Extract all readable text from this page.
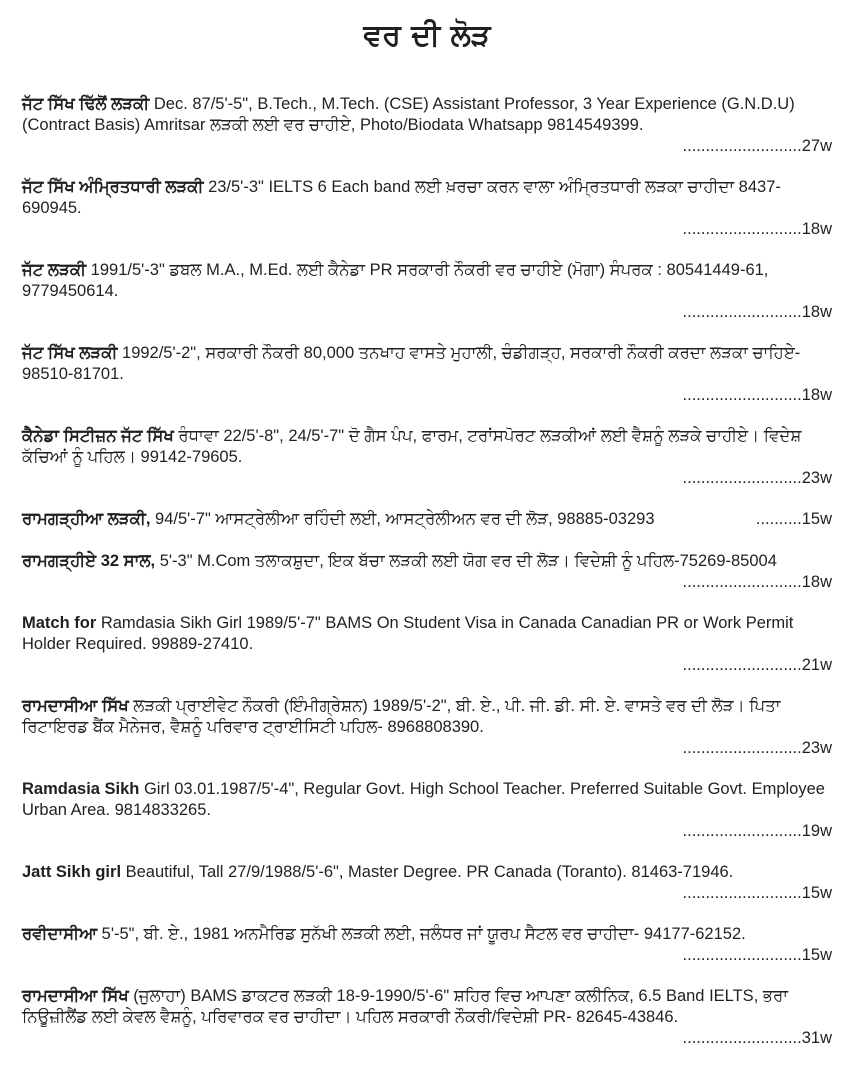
ਵਰ ਦੀ ਲੋੜ
ਜੱਟ ਸਿੱਖ ਢਿੱਲੋਂ ਲੜਕੀ Dec. 87/5'-5", B.Tech., M.Tech. (CSE) Assistant Professor, 3 Year Experience (G.N.D.U) (Contract Basis) Amritsar ਲੜਕੀ ਲਈ ਵਰ ਚਾਹੀਏ, Photo/Biodata Whatsapp 9814549399.
..........................27w
ਜੱਟ ਸਿੱਖ ਅੰਮ੍ਰਿਤਧਾਰੀ ਲੜਕੀ 23/5'-3" IELTS 6 Each band ਲਈ ਖ਼ਰਚਾ ਕਰਨ ਵਾਲਾ ਅੰਮ੍ਰਿਤਧਾਰੀ ਲੜਕਾ ਚਾਹੀਦਾ 8437-690945.
..........................18w
ਜੱਟ ਲੜਕੀ 1991/5'-3" ਡਬਲ M.A., M.Ed. ਲਈ ਕੈਨੇਡਾ PR ਸਰਕਾਰੀ ਨੌਕਰੀ ਵਰ ਚਾਹੀਏ (ਮੋਗਾ) ਸੰਪਰਕ : 80541449-61, 9779450614.
..........................18w
ਜੱਟ ਸਿੱਖ ਲੜਕੀ 1992/5'-2", ਸਰਕਾਰੀ ਨੌਕਰੀ 80,000 ਤਨਖਾਹ ਵਾਸਤੇ ਮੁਹਾਲੀ, ਚੰਡੀਗੜ੍ਹ, ਸਰਕਾਰੀ ਨੌਕਰੀ ਕਰਦਾ ਲੜਕਾ ਚਾਹਿਏ- 98510-81701.
..........................18w
ਕੈਨੇਡਾ ਸਿਟੀਜ਼ਨ ਜੱਟ ਸਿੱਖ ਰੰਧਾਵਾ 22/5'-8", 24/5'-7" ਦੋ ਗੈਸ ਪੰਪ, ਫਾਰਮ, ਟਰਾਂਸਪੋਰਟ ਲੜਕੀਆਂ ਲਈ ਵੈਸ਼ਨੂੰ ਲੜਕੇ ਚਾਹੀਏ। ਵਿਦੇਸ਼ ਕੱਚਿਆਂ ਨੂੰ ਪਹਿਲ। 99142-79605.
..........................23w
ਰਾਮਗੜ੍ਹੀਆ ਲੜਕੀ, 94/5'-7" ਆਸਟ੍ਰੇਲੀਆ ਰਹਿੰਦੀ ਲਈ, ਆਸਟ੍ਰੇਲੀਅਨ ਵਰ ਦੀ ਲੋੜ, 98885-03293	..........15w
ਰਾਮਗੜ੍ਹੀਏ 32 ਸਾਲ, 5'-3" M.Com ਤਲਾਕਸ਼ੁਦਾ, ਇਕ ਬੱਚਾ ਲੜਕੀ ਲਈ ਯੋਗ ਵਰ ਦੀ ਲੋੜ। ਵਿਦੇਸ਼ੀ ਨੂੰ ਪਹਿਲ-75269-85004
..........................18w
Match for Ramdasia Sikh Girl 1989/5'-7" BAMS On Student Visa in Canada Canadian PR or Work Permit Holder Required. 99889-27410.
..........................21w
ਰਾਮਦਾਸੀਆ ਸਿੱਖ ਲੜਕੀ ਪ੍ਰਾਈਵੇਟ ਨੌਕਰੀ (ਇੰਮੀਗ੍ਰੇਸ਼ਨ) 1989/5'-2", ਬੀ. ਏ., ਪੀ. ਜੀ. ਡੀ. ਸੀ. ਏ. ਵਾਸਤੇ ਵਰ ਦੀ ਲੋੜ। ਪਿਤਾ ਰਿਟਾਇਰਡ ਬੈਂਕ ਮੈਨੇਜਰ, ਵੈਸ਼ਨੂੰ ਪਰਿਵਾਰ ਟ੍ਰਾਈਸਿਟੀ ਪਹਿਲ- 8968808390.
..........................23w
Ramdasia Sikh Girl 03.01.1987/5'-4", Regular Govt. High School Teacher. Preferred Suitable Govt. Employee Urban Area. 9814833265.
..........................19w
Jatt Sikh girl Beautiful, Tall 27/9/1988/5'-6", Master Degree. PR Canada (Toranto). 81463-71946.
..........................15w
ਰਵੀਦਾਸੀਆ 5'-5", ਬੀ. ਏ., 1981 ਅਨਮੈਰਿਡ ਸੁਨੱਖੀ ਲੜਕੀ ਲਈ, ਜਲੰਧਰ ਜਾਂ ਯੂਰਪ ਸੈਟਲ ਵਰ ਚਾਹੀਦਾ- 94177-62152.
..........................15w
ਰਾਮਦਾਸੀਆ ਸਿੱਖ (ਜੁਲਾਹਾ) BAMS ਡਾਕਟਰ ਲੜਕੀ 18-9-1990/5'-6" ਸ਼ਹਿਰ ਵਿਚ ਆਪਣਾ ਕਲੀਨਿਕ, 6.5 Band IELTS, ਭਰਾ ਨਿਊਜ਼ੀਲੈਂਡ ਲਈ ਕੇਵਲ ਵੈਸ਼ਨੂੰ, ਪਰਿਵਾਰਕ ਵਰ ਚਾਹੀਦਾ। ਪਹਿਲ ਸਰਕਾਰੀ ਨੌਕਰੀ/ਵਿਦੇਸ਼ੀ PR- 82645-43846.
..........................31w
